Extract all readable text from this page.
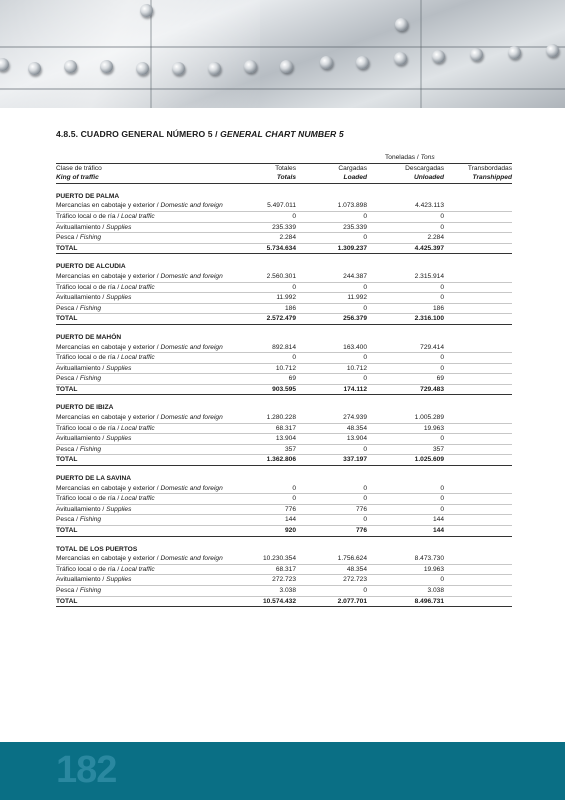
4.8.5. CUADRO GENERAL NÚMERO 5 / GENERAL CHART NUMBER 5
			Toneladas / Tons	
Clase de tráfico	Totales	Cargadas	Descargadas	Transbordadas
King of traffic	Totals	Loaded	Unloaded	Transhipped
PUERTO DE PALMA				
Mercancías en cabotaje y exterior / Domestic and foreign	5.497.011	1.073.898	4.423.113	
Tráfico local o de ría / Local traffic	0	0	0	
Avituallamiento / Supplies	235.339	235.339	0	
Pesca / Fishing	2.284	0	2.284	
TOTAL	5.734.634	1.309.237	4.425.397	
PUERTO DE ALCUDIA				
Mercancías en cabotaje y exterior / Domestic and foreign	2.560.301	244.387	2.315.914	
Tráfico local o de ría / Local traffic	0	0	0	
Avituallamiento / Supplies	11.992	11.992	0	
Pesca / Fishing	186	0	186	
TOTAL	2.572.479	256.379	2.316.100	
PUERTO DE MAHÓN				
Mercancías en cabotaje y exterior / Domestic and foreign	892.814	163.400	729.414	
Tráfico local o de ría / Local traffic	0	0	0	
Avituallamiento / Supplies	10.712	10.712	0	
Pesca / Fishing	69	0	69	
TOTAL	903.595	174.112	729.483	
PUERTO DE IBIZA				
Mercancías en cabotaje y exterior / Domestic and foreign	1.280.228	274.939	1.005.289	
Tráfico local o de ría / Local traffic	68.317	48.354	19.963	
Avituallamiento / Supplies	13.904	13.904	0	
Pesca / Fishing	357	0	357	
TOTAL	1.362.806	337.197	1.025.609	
PUERTO DE LA SAVINA				
Mercancías en cabotaje y exterior / Domestic and foreign	0	0	0	
Tráfico local o de ría / Local traffic	0	0	0	
Avituallamiento / Supplies	776	776	0	
Pesca / Fishing	144	0	144	
TOTAL	920	776	144	
TOTAL DE LOS PUERTOS				
Mercancías en cabotaje y exterior / Domestic and foreign	10.230.354	1.756.624	8.473.730	
Tráfico local o de ría / Local traffic	68.317	48.354	19.963	
Avituallamiento / Supplies	272.723	272.723	0	
Pesca / Fishing	3.038	0	3.038	
TOTAL	10.574.432	2.077.701	8.496.731	
182
